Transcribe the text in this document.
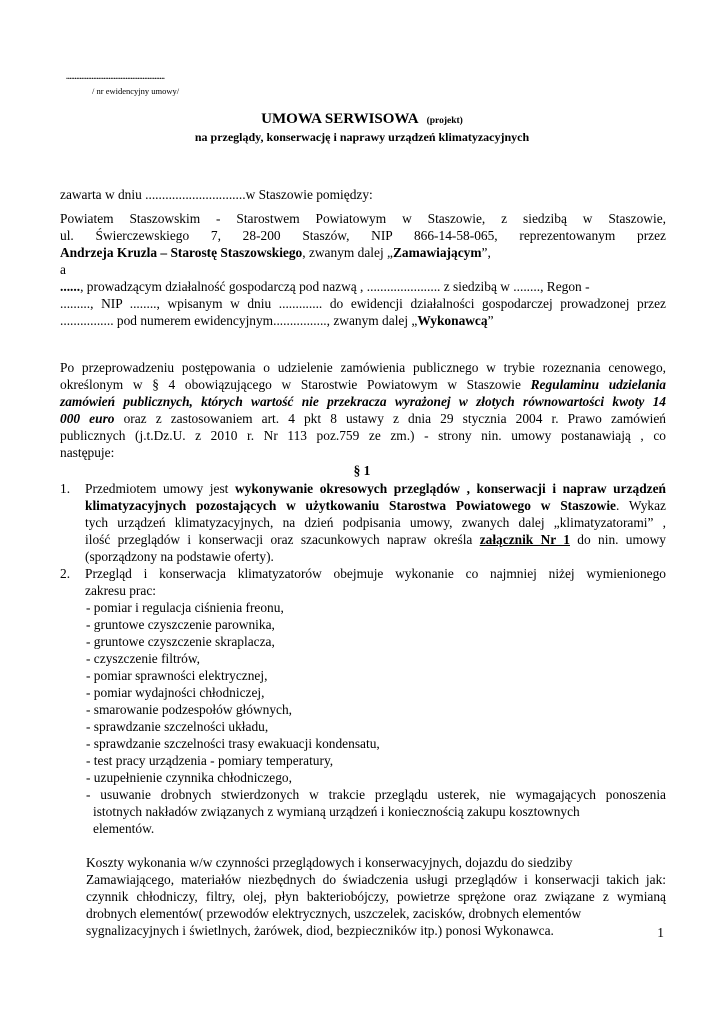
..........................................................
/ nr ewidencyjny umowy/
UMOWA SERWISOWA (projekt)
na przeglądy, konserwację i naprawy urządzeń klimatyzacyjnych
zawarta w dniu ..............................w Staszowie pomiędzy:
Powiatem Staszowskim - Starostwem Powiatowym w Staszowie, z siedzibą w Staszowie,
ul. Świerczewskiego 7, 28-200 Staszów, NIP 866-14-58-065, reprezentowanym przez
Andrzeja Kruzla – Starostę Staszowskiego, zwanym dalej „Zamawiającym”,
a
......, prowadzącym działalność gospodarczą pod nazwą , ...................... z siedzibą w ........, Regon -
........., NIP ........, wpisanym w dniu ............. do ewidencji działalności gospodarczej prowadzonej przez
................ pod numerem ewidencyjnym................, zwanym dalej „Wykonawcą”
Po przeprowadzeniu postępowania o udzielenie zamówienia publicznego w trybie rozeznania cenowego,
określonym w § 4 obowiązującego w Starostwie Powiatowym w Staszowie Regulaminu udzielania
zamówień publicznych, których wartość nie przekracza wyrażonej w złotych równowartości kwoty 14
000 euro oraz z zastosowaniem art. 4 pkt 8 ustawy z dnia 29 stycznia 2004 r. Prawo zamówień
publicznych (j.t.Dz.U. z 2010 r. Nr 113 poz.759 ze zm.) - strony nin. umowy postanawiają , co
następuje:
§ 1
1. Przedmiotem umowy jest wykonywanie okresowych przeglądów , konserwacji i napraw urządzeń
klimatyzacyjnych pozostających w użytkowaniu Starostwa Powiatowego w Staszowie. Wykaz
tych urządzeń klimatyzacyjnych, na dzień podpisania umowy, zwanych dalej „klimatyzatorami” ,
ilość przeglądów i konserwacji oraz szacunkowych napraw określa załącznik Nr 1 do nin. umowy
(sporządzony na podstawie oferty).
2. Przegląd i konserwacja klimatyzatorów obejmuje wykonanie co najmniej niżej wymienionego
zakresu prac:
- pomiar i regulacja ciśnienia freonu,
- gruntowe czyszczenie parownika,
- gruntowe czyszczenie skraplacza,
- czyszczenie filtrów,
- pomiar sprawności elektrycznej,
- pomiar wydajności chłodniczej,
- smarowanie podzespołów głównych,
- sprawdzanie szczelności układu,
- sprawdzanie szczelności trasy ewakuacji kondensatu,
- test pracy urządzenia - pomiary temperatury,
- uzupełnienie czynnika chłodniczego,
- usuwanie drobnych stwierdzonych w trakcie przeglądu usterek, nie wymagających ponoszenia
istotnych nakładów związanych z wymianą urządzeń i koniecznością zakupu kosztownych
elementów.
Koszty wykonania w/w czynności przeglądowych i konserwacyjnych, dojazdu do siedziby
Zamawiającego, materiałów niezbędnych do świadczenia usługi przeglądów i konserwacji takich jak:
czynnik chłodniczy, filtry, olej, płyn bakteriobójczy, powietrze sprężone oraz związane z wymianą
drobnych elementów( przewodów elektrycznych, uszczelek, zacisków, drobnych elementów
sygnalizacyjnych i świetlnych, żarówek, diod, bezpieczników itp.) ponosi Wykonawca.	1
